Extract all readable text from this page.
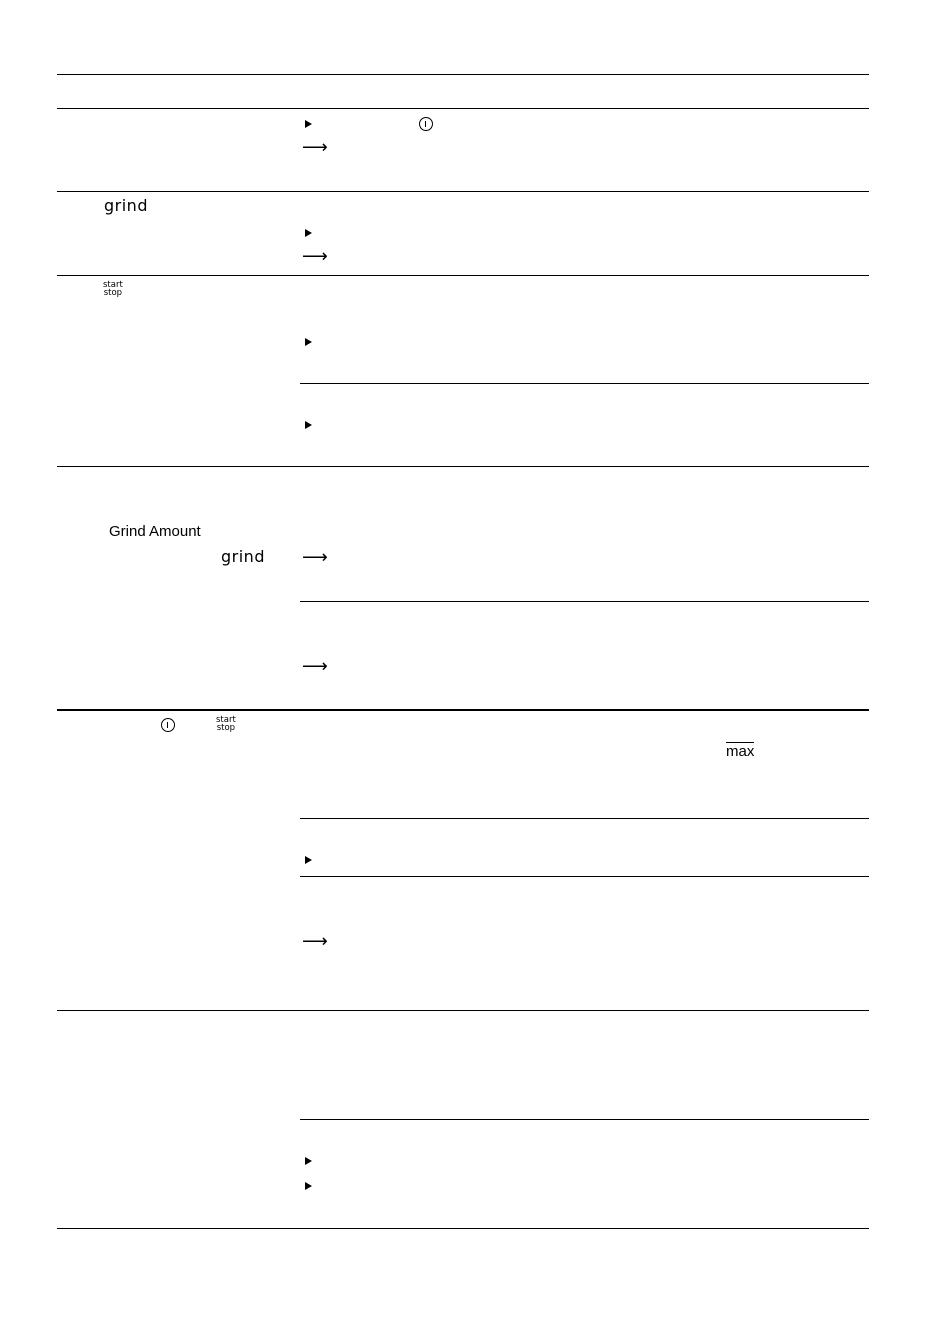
⟶
grind
⟶
start
stop
Grind Amount
grind ⟶
⟶
start
stop
max
⟶
